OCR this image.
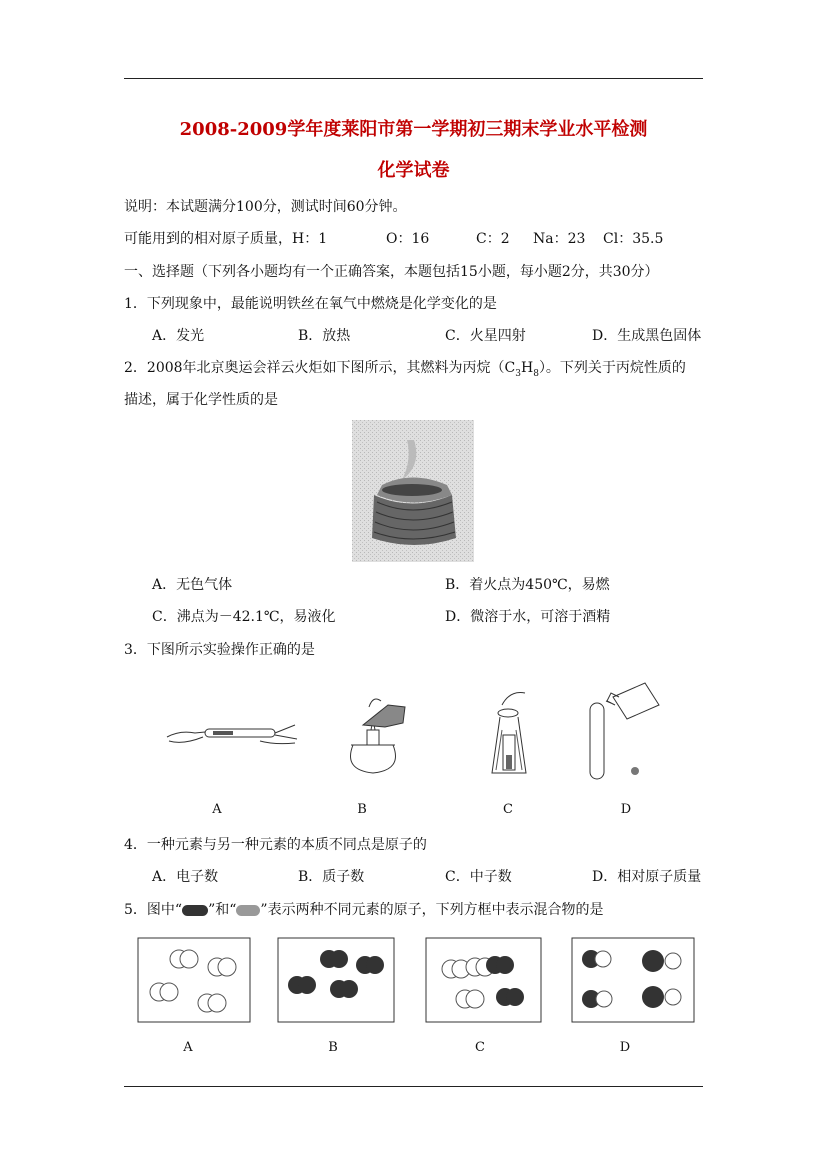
2008-2009学年度莱阳市第一学期初三期末学业水平检测
化学试卷
说明：本试题满分100分，测试时间60分钟。
可能用到的相对原子质量，H：1	O：16	C：2 Na：23 Cl：35.5
一、选择题（下列各小题均有一个正确答案，本题包括15小题，每小题2分，共30分）
1．下列现象中，最能说明铁丝在氧气中燃烧是化学变化的是
A．发光	B．放热	C．火星四射	D．生成黑色固体
2．2008年北京奥运会祥云火炬如下图所示，其燃料为丙烷$(C_3H_8)$。下列关于丙烷性质的
描述，属于化学性质的是
A．无色气体	B．着火点为450℃，易燃
C．沸点为－42.1℃，易液化	D．微溶于水，可溶于酒精
3．下图所示实验操作正确的是
A	B	C	D
4．一种元素与另一种元素的本质不同点是原子的
A．电子数	B．质子数	C．中子数	D．相对原子质量
5．图中“ ”和“ ”表示两种不同元素的原子，下列方框中表示混合物的是
A	B	C	D
